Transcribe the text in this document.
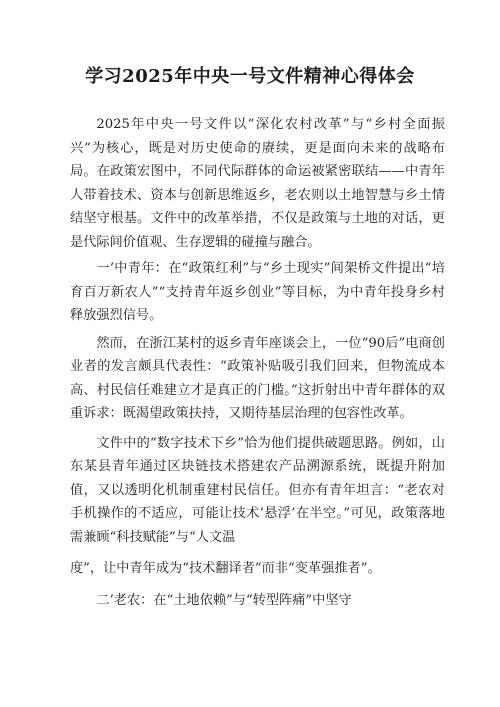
学习2025年中央一号文件精神心得体会

2025年中央一号文件以“深化农村改革”与“乡村全面振兴”为核心，既是对历史使命的赓续，更是面向未来的战略布局。在政策宏图中，不同代际群体的命运被紧密联结——中青年人带着技术、资本与创新思维返乡，老农则以土地智慧与乡土情结坚守根基。文件中的改革举措，不仅是政策与土地的对话，更是代际间价值观、生存逻辑的碰撞与融合。

一’中青年：在“政策红利”与“乡土现实”间架桥文件提出“培育百万新农人”“支持青年返乡创业”等目标，为中青年投身乡村释放强烈信号。

然而，在浙江某村的返乡青年座谈会上，一位“90后”电商创业者的发言颇具代表性：“政策补贴吸引我们回来，但物流成本高、村民信任难建立才是真正的门槛。”这折射出中青年群体的双重诉求：既渴望政策扶持，又期待基层治理的包容性改革。

文件中的“数字技术下乡”恰为他们提供破题思路。例如，山东某县青年通过区块链技术搭建农产品溯源系统，既提升附加值，又以透明化机制重建村民信任。但亦有青年坦言：“老农对手机操作的不适应，可能让技术‘悬浮’在半空。”可见，政策落地需兼顾“科技赋能”与“人文温

度”，让中青年成为“技术翻译者”而非“变革强推者”。

二’老农：在“土地依赖”与“转型阵痛”中坚守
